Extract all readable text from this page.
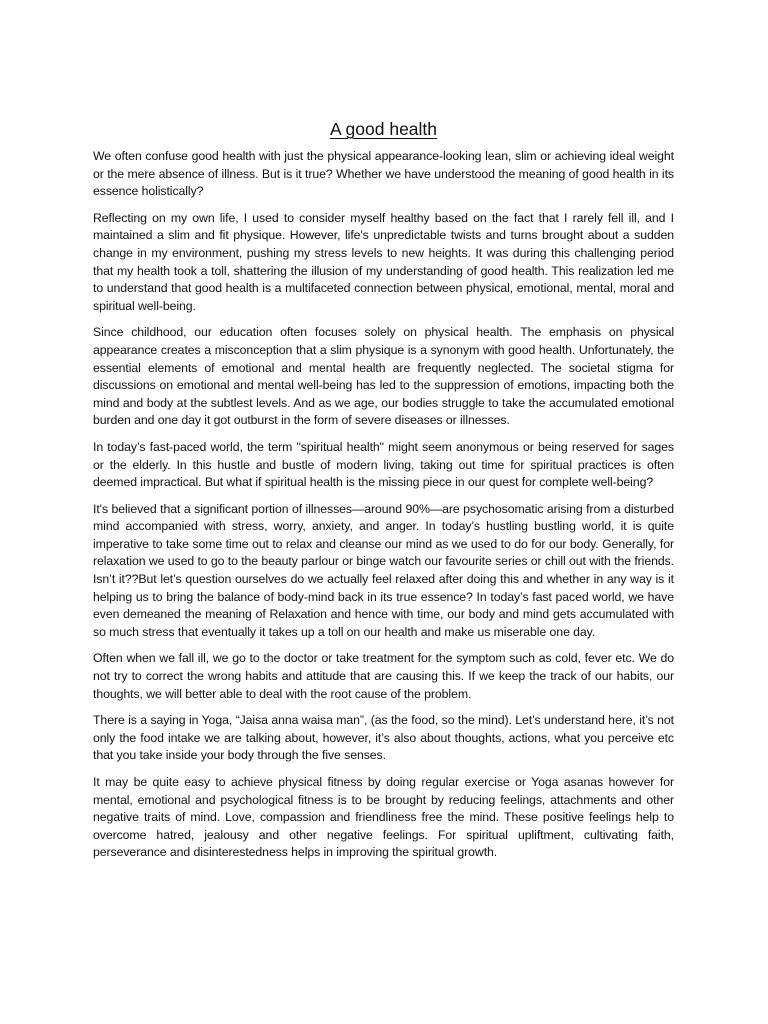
A good health

We often confuse good health with just the physical appearance-looking lean, slim or achieving ideal weight or the mere absence of illness. But is it true? Whether we have understood the meaning of good health in its essence holistically?

Reflecting on my own life, I used to consider myself healthy based on the fact that I rarely fell ill, and I maintained a slim and fit physique. However, life's unpredictable twists and turns brought about a sudden change in my environment, pushing my stress levels to new heights. It was during this challenging period that my health took a toll, shattering the illusion of my understanding of good health. This realization led me to understand that good health is a multifaceted connection between physical, emotional, mental, moral and spiritual well-being.

Since childhood, our education often focuses solely on physical health. The emphasis on physical appearance creates a misconception that a slim physique is a synonym with good health. Unfortunately, the essential elements of emotional and mental health are frequently neglected. The societal stigma for discussions on emotional and mental well-being has led to the suppression of emotions, impacting both the mind and body at the subtlest levels. And as we age, our bodies struggle to take the accumulated emotional burden and one day it got outburst in the form of severe diseases or illnesses.

In today’s fast-paced world, the term "spiritual health" might seem anonymous or being reserved for sages or the elderly. In this hustle and bustle of modern living, taking out time for spiritual practices is often deemed impractical. But what if spiritual health is the missing piece in our quest for complete well-being?

It's believed that a significant portion of illnesses—around 90%—are psychosomatic arising from a disturbed mind accompanied with stress, worry, anxiety, and anger. In today’s hustling bustling world, it is quite imperative to take some time out to relax and cleanse our mind as we used to do for our body. Generally, for relaxation we used to go to the beauty parlour or binge watch our favourite series or chill out with the friends. Isn’t it??But let’s question ourselves do we actually feel relaxed after doing this and whether in any way is it helping us to bring the balance of body-mind back in its true essence? In today’s fast paced world, we have even demeaned the meaning of Relaxation and hence with time, our body and mind gets accumulated with so much stress that eventually it takes up a toll on our health and make us miserable one day.

Often when we fall ill, we go to the doctor or take treatment for the symptom such as cold, fever etc. We do not try to correct the wrong habits and attitude that are causing this. If we keep the track of our habits, our thoughts, we will better able to deal with the root cause of the problem.

There is a saying in Yoga, “Jaisa anna waisa man”, (as the food, so the mind). Let’s understand here, it’s not only the food intake we are talking about, however, it’s also about thoughts, actions, what you perceive etc that you take inside your body through the five senses.

It may be quite easy to achieve physical fitness by doing regular exercise or Yoga asanas however for mental, emotional and psychological fitness is to be brought by reducing feelings, attachments and other negative traits of mind. Love, compassion and friendliness free the mind. These positive feelings help to overcome hatred, jealousy and other negative feelings. For spiritual upliftment, cultivating faith, perseverance and disinterestedness helps in improving the spiritual growth.
